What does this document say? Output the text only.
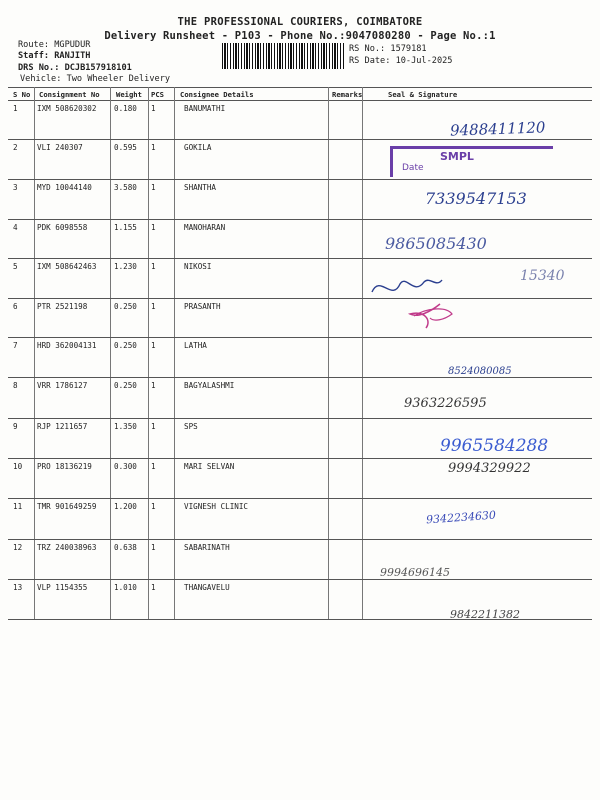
THE PROFESSIONAL COURIERS, COIMBATORE
Delivery Runsheet - P103 - Phone No.:9047080280 - Page No.:1
Route: MGPUDUR
Staff: RANJITH
DRS No.: DCJB157918101
Vehicle: Two Wheeler Delivery
RS No.: 1579181
RS Date: 10-Jul-2025
S No Consignment No Weight PCS Consignee Details	Remarks	Seal & Signature
1	IXM 508620302 0.180 1	BANUMATHI
9488411120
2	VLI 240307	0.595 1	GOKILA
SMPL
Date
3	MYD 10044140	3.580 1	SHANTHA
7339547153
4	PDK 6098558	1.155 1	MANOHARAN
9865085430
5	IXM 508642463 1.230 1	NIKOSI
15340
6	PTR 2521198	0.250 1	PRASANTH
7	HRD 362004131 0.250 1	LATHA
8524080085
8	VRR 1786127	0.250 1	BAGYALASHMI
9363226595
9	RJP 1211657	1.350 1	SPS
9965584288
10 PRO 18136219	0.300 1	MARI SELVAN	9994329922
11 TMR 901649259 1.200 1	VIGNESH CLINIC
9342234630
12 TRZ 240038963 0.638 1	SABARINATH
9994696145
13 VLP 1154355	1.010 1	THANGAVELU
9842211382
